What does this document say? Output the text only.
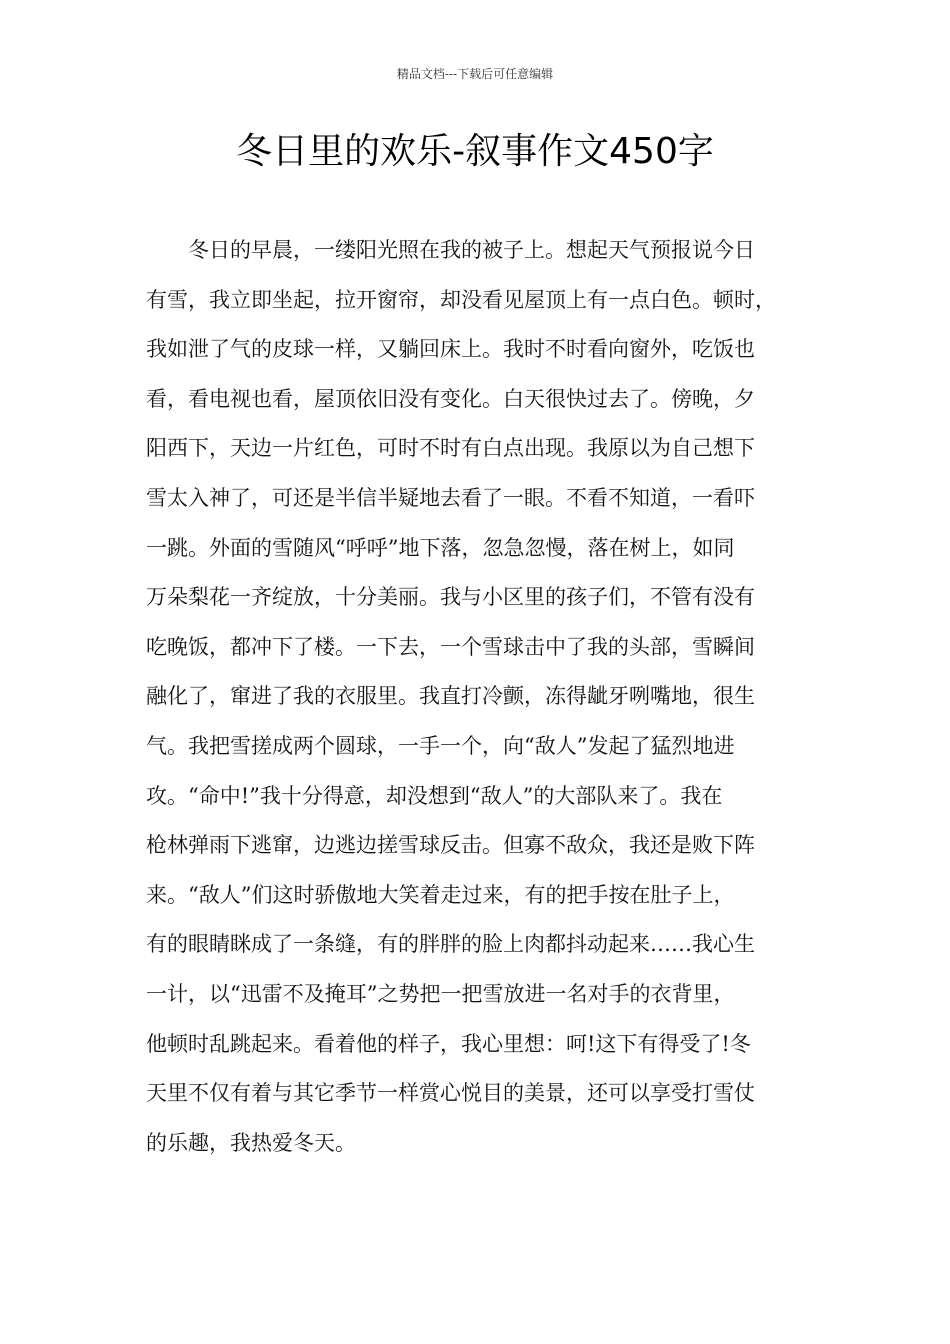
精品文档---下载后可任意编辑
冬日里的欢乐-叙事作文450字
冬日的早晨，一缕阳光照在我的被子上。想起天气预报说今日
有雪，我立即坐起，拉开窗帘，却没看见屋顶上有一点白色。顿时，
我如泄了气的皮球一样，又躺回床上。我时不时看向窗外，吃饭也
看，看电视也看，屋顶依旧没有变化。白天很快过去了。傍晚，夕
阳西下，天边一片红色，可时不时有白点出现。我原以为自己想下
雪太入神了，可还是半信半疑地去看了一眼。不看不知道，一看吓
一跳。外面的雪随风“呼呼”地下落，忽急忽慢，落在树上，如同
万朵梨花一齐绽放，十分美丽。我与小区里的孩子们，不管有没有
吃晚饭，都冲下了楼。一下去，一个雪球击中了我的头部，雪瞬间
融化了，窜进了我的衣服里。我直打冷颤，冻得龇牙咧嘴地，很生
气。我把雪搓成两个圆球，一手一个，向“敌人”发起了猛烈地进
攻。“命中!”我十分得意，却没想到“敌人”的大部队来了。我在
枪林弹雨下逃窜，边逃边搓雪球反击。但寡不敌众，我还是败下阵
来。“敌人”们这时骄傲地大笑着走过来，有的把手按在肚子上，
有的眼睛眯成了一条缝，有的胖胖的脸上肉都抖动起来……我心生
一计，以“迅雷不及掩耳”之势把一把雪放进一名对手的衣背里，
他顿时乱跳起来。看着他的样子，我心里想：呵!这下有得受了!冬
天里不仅有着与其它季节一样赏心悦目的美景，还可以享受打雪仗
的乐趣，我热爱冬天。
